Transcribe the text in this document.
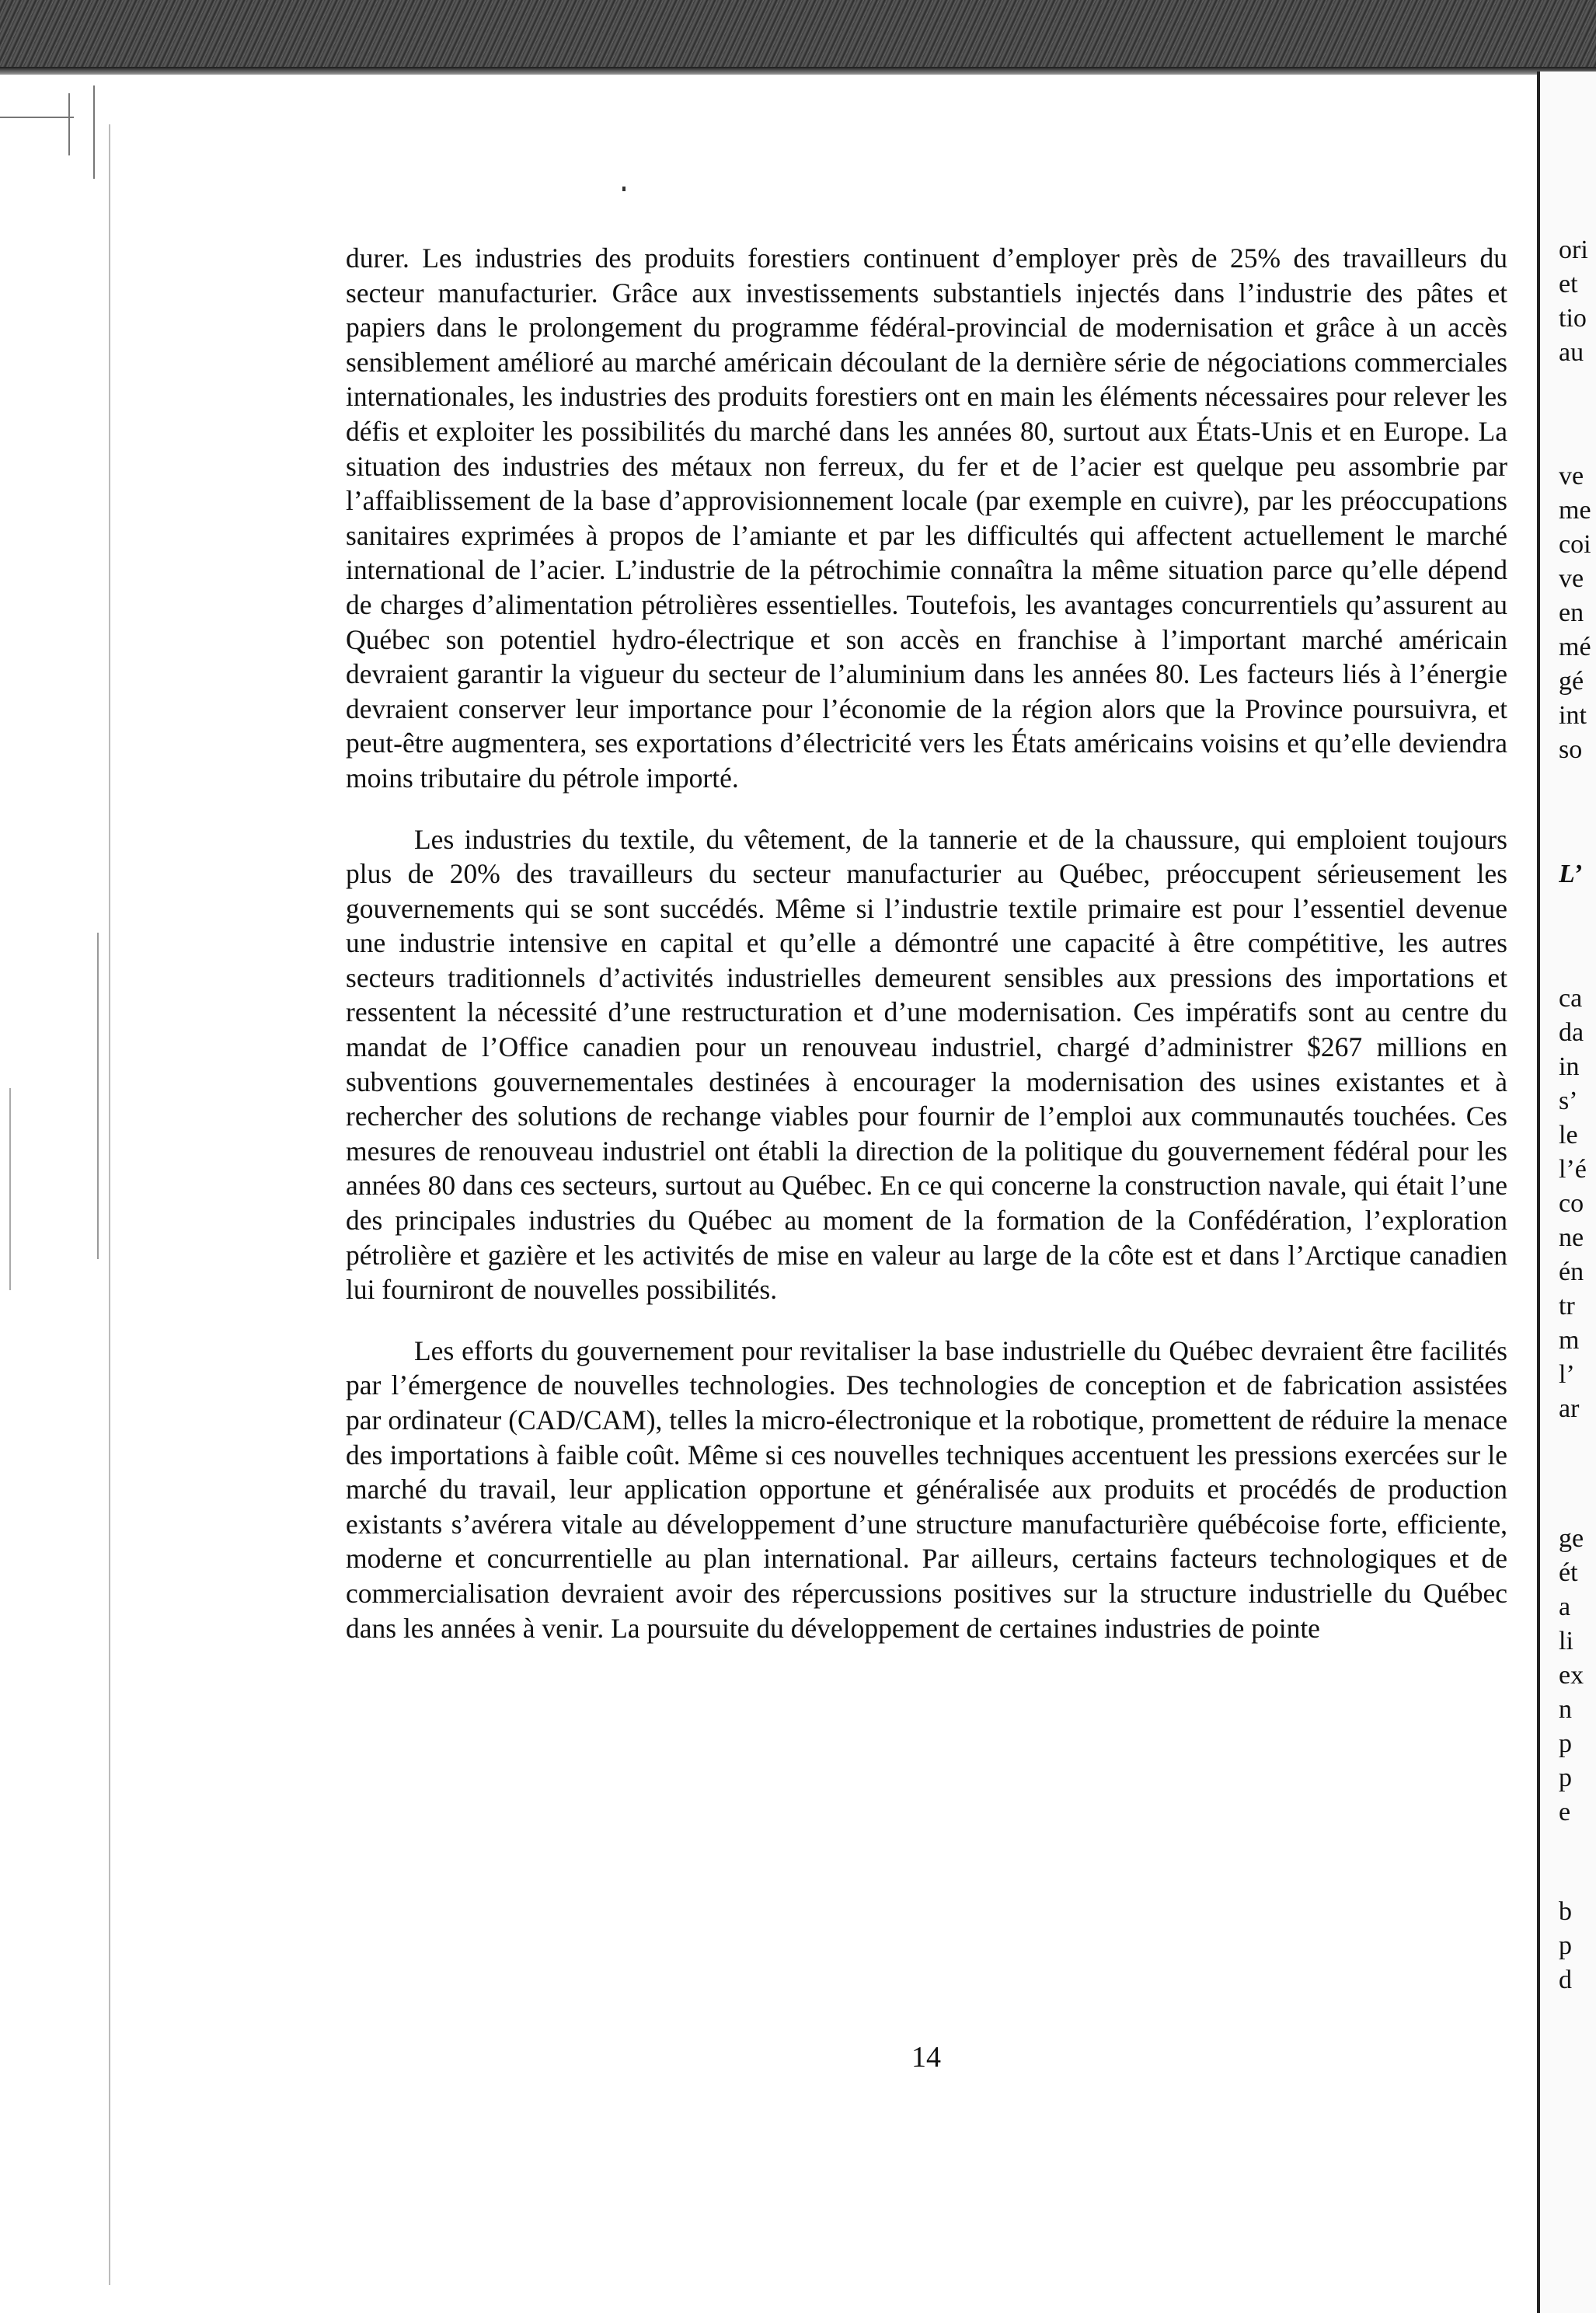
durer. Les industries des produits forestiers continuent d’employer près de 25% des travailleurs du secteur manufacturier. Grâce aux investissements substantiels injectés dans l’industrie des pâtes et papiers dans le prolongement du programme fédéral-provincial de modernisation et grâce à un accès sensiblement amélioré au marché américain découlant de la dernière série de négociations commerciales internationales, les industries des produits forestiers ont en main les éléments nécessaires pour relever les défis et exploiter les possibilités du marché dans les années 80, surtout aux États-Unis et en Europe. La situation des industries des métaux non ferreux, du fer et de l’acier est quelque peu assombrie par l’affaiblissement de la base d’approvisionnement locale (par exemple en cuivre), par les préoccupations sanitaires exprimées à propos de l’amiante et par les difficultés qui affectent actuellement le marché international de l’acier. L’industrie de la pétrochimie connaîtra la même situation parce qu’elle dépend de charges d’alimentation pétrolières essentielles. Toutefois, les avantages concurrentiels qu’assurent au Québec son potentiel hydro-électrique et son accès en franchise à l’important marché américain devraient garantir la vigueur du secteur de l’aluminium dans les années 80. Les facteurs liés à l’énergie devraient conserver leur importance pour l’économie de la région alors que la Province poursuivra, et peut-être augmentera, ses exportations d’électricité vers les États américains voisins et qu’elle deviendra moins tributaire du pétrole importé.

Les industries du textile, du vêtement, de la tannerie et de la chaussure, qui emploient toujours plus de 20% des travailleurs du secteur manufacturier au Québec, préoccupent sérieusement les gouvernements qui se sont succédés. Même si l’industrie textile primaire est pour l’essentiel devenue une industrie intensive en capital et qu’elle a démontré une capacité à être compétitive, les autres secteurs traditionnels d’activités industrielles demeurent sensibles aux pressions des importations et ressentent la nécessité d’une restructuration et d’une modernisation. Ces impératifs sont au centre du mandat de l’Office canadien pour un renouveau industriel, chargé d’administrer $267 millions en subventions gouvernementales destinées à encourager la modernisation des usines existantes et à rechercher des solutions de rechange viables pour fournir de l’emploi aux communautés touchées. Ces mesures de renouveau industriel ont établi la direction de la politique du gouvernement fédéral pour les années 80 dans ces secteurs, surtout au Québec. En ce qui concerne la construction navale, qui était l’une des principales industries du Québec au moment de la formation de la Confédération, l’exploration pétrolière et gazière et les activités de mise en valeur au large de la côte est et dans l’Arctique canadien lui fourniront de nouvelles possibilités.

Les efforts du gouvernement pour revitaliser la base industrielle du Québec devraient être facilités par l’émergence de nouvelles technologies. Des technologies de conception et de fabrication assistées par ordinateur (CAD/CAM), telles la micro-électronique et la robotique, promettent de réduire la menace des importations à faible coût. Même si ces nouvelles techniques accentuent les pressions exercées sur le marché du travail, leur application opportune et généralisée aux produits et procédés de production existants s’avérera vitale au développement d’une structure manufacturière québécoise forte, efficiente, moderne et concurrentielle au plan international. Par ailleurs, certains facteurs technologiques et de commercialisation devraient avoir des répercussions positives sur la structure industrielle du Québec dans les années à venir. La poursuite du développement de certaines industries de pointe

14
ori
et
tio
au
ve
me
coi
ve
en
mé
gé
int
so
L’
ca
da
in
s’
le
l’é
co
ne
én
tr
m
l’
ar
ge
ét
a
li
ex
n
p
p
e
b
p
d
